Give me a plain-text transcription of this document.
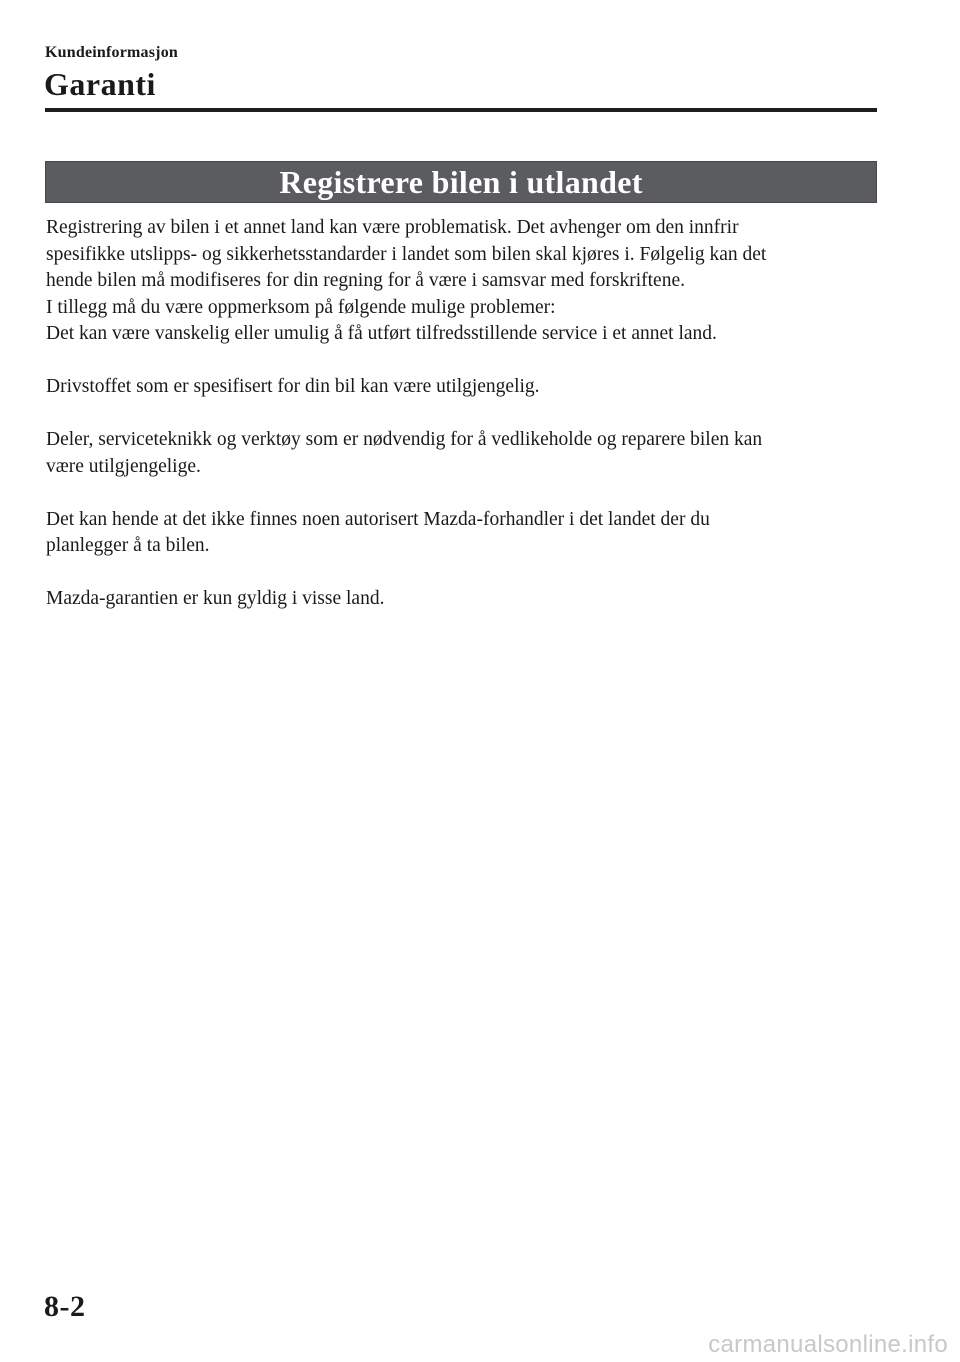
Kundeinformasjon
Garanti
Registrere bilen i utlandet

Registrering av bilen i et annet land kan være problematisk. Det avhenger om den innfrir

spesifikke utslipps- og sikkerhetsstandarder i landet som bilen skal kjøres i. Følgelig kan det

hende bilen må modifiseres for din regning for å være i samsvar med forskriftene.

I tillegg må du være oppmerksom på følgende mulige problemer:

Det kan være vanskelig eller umulig å få utført tilfredsstillende service i et annet land.

Drivstoffet som er spesifisert for din bil kan være utilgjengelig.

Deler, serviceteknikk og verktøy som er nødvendig for å vedlikeholde og reparere bilen kan

være utilgjengelige.

Det kan hende at det ikke finnes noen autorisert Mazda-forhandler i det landet der du

planlegger å ta bilen.

Mazda-garantien er kun gyldig i visse land.

8-2
carmanualsonline.info
